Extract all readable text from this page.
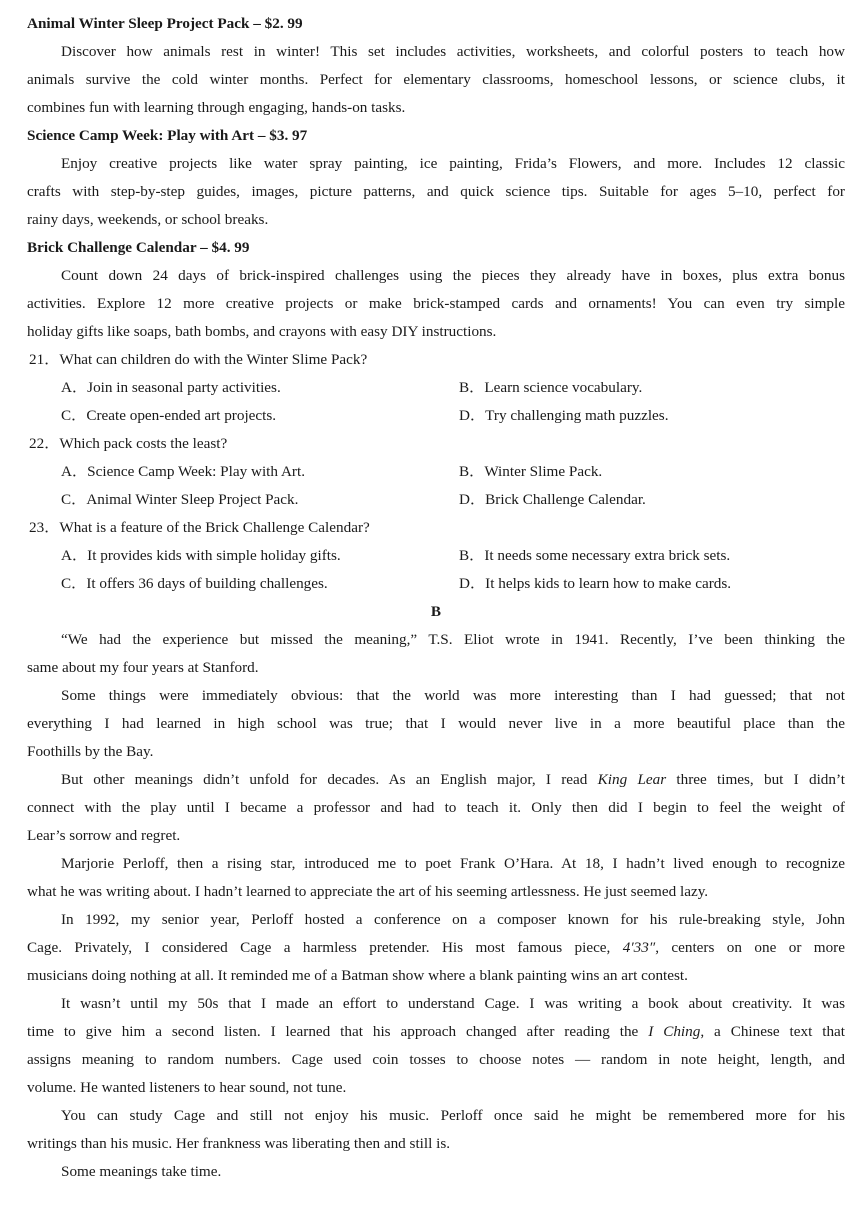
Animal Winter Sleep Project Pack – $2. 99
Discover how animals rest in winter! This set includes activities, worksheets, and colorful posters to teach how
animals survive the cold winter months. Perfect for elementary classrooms, homeschool lessons, or science clubs, it
combines fun with learning through engaging, hands-on tasks.
Science Camp Week: Play with Art – $3. 97
Enjoy creative projects like water spray painting, ice painting, Frida’s Flowers, and more. Includes 12 classic
crafts with step-by-step guides, images, picture patterns, and quick science tips. Suitable for ages 5–10, perfect for
rainy days, weekends, or school breaks.
Brick Challenge Calendar – $4. 99
Count down 24 days of brick-inspired challenges using the pieces they already have in boxes, plus extra bonus
activities. Explore 12 more creative projects or make brick-stamped cards and ornaments! You can even try simple
holiday gifts like soaps, bath bombs, and crayons with easy DIY instructions.
21．What can children do with the Winter Slime Pack?
A．Join in seasonal party activities.	B．Learn science vocabulary.
C．Create open-ended art projects.	D．Try challenging math puzzles.
22．Which pack costs the least?
A．Science Camp Week: Play with Art.	B．Winter Slime Pack.
C．Animal Winter Sleep Project Pack.	D．Brick Challenge Calendar.
23．What is a feature of the Brick Challenge Calendar?
A．It provides kids with simple holiday gifts.	B．It needs some necessary extra brick sets.
C．It offers 36 days of building challenges.	D．It helps kids to learn how to make cards.
B
“We had the experience but missed the meaning,” T.S. Eliot wrote in 1941. Recently, I’ve been thinking the
same about my four years at Stanford.
Some things were immediately obvious: that the world was more interesting than I had guessed; that not
everything I had learned in high school was true; that I would never live in a more beautiful place than the
Foothills by the Bay.
But other meanings didn’t unfold for decades. As an English major, I read King Lear three times, but I didn’t
connect with the play until I became a professor and had to teach it. Only then did I begin to feel the weight of
Lear’s sorrow and regret.
Marjorie Perloff, then a rising star, introduced me to poet Frank O’Hara. At 18, I hadn’t lived enough to recognize
what he was writing about. I hadn’t learned to appreciate the art of his seeming artlessness. He just seemed lazy.
In 1992, my senior year, Perloff hosted a conference on a composer known for his rule-breaking style, John
Cage. Privately, I considered Cage a harmless pretender. His most famous piece, 4′33″, centers on one or more
musicians doing nothing at all. It reminded me of a Batman show where a blank painting wins an art contest.
It wasn’t until my 50s that I made an effort to understand Cage. I was writing a book about creativity. It was
time to give him a second listen. I learned that his approach changed after reading the I Ching, a Chinese text that
assigns meaning to random numbers. Cage used coin tosses to choose notes — random in note height, length, and
volume. He wanted listeners to hear sound, not tune.
You can study Cage and still not enjoy his music. Perloff once said he might be remembered more for his
writings than his music. Her frankness was liberating then and still is.
Some meanings take time.
